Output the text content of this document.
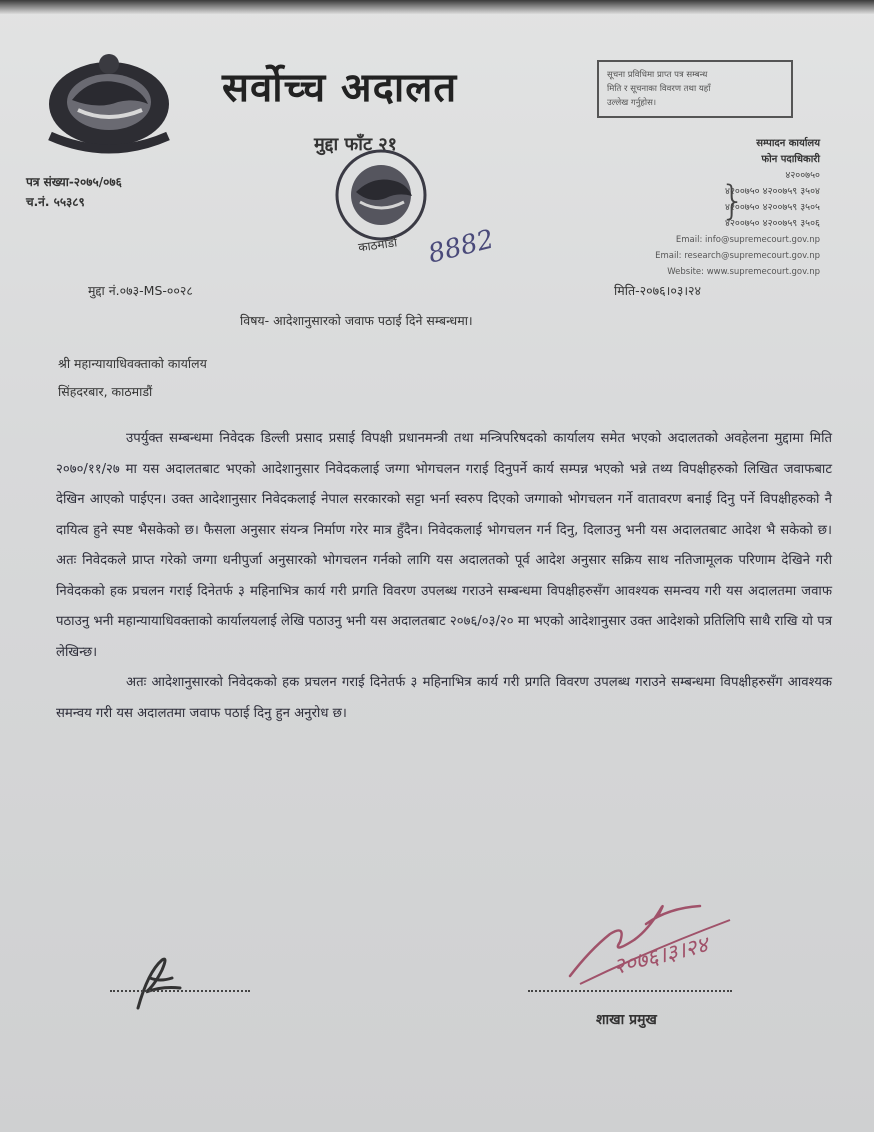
सर्वोच्च अदालत	सूचना प्रविधिमा प्राप्त पत्र सम्बन्ध
मिति र सूचनाका विवरण तथा यहाँ
उल्लेख गर्नुहोस।
पत्र संख्या-२०७५/०७६
च.नं. ५५३८९
मुद्दा फाँट २१
काठमाडौं 8882
सम्पादन कार्यालय
फोन पदाधिकारी
४२००७५०
४२००७५० ४२००७५९ ३५०४
४२००७५० ४२००७५९ ३५०५
४२००७५० ४२००७५९ ३५०६
Email: info@supremecourt.gov.np
Email: research@supremecourt.gov.np
Website: www.supremecourt.gov.np
मुद्दा नं.०७३-MS-००२८	मिति-२०७६।०३।२४
विषय- आदेशानुसारको जवाफ पठाई दिने सम्बन्धमा।
श्री महान्यायाधिवक्ताको कार्यालय
सिंहदरबार, काठमाडौं

उपर्युक्त सम्बन्धमा निवेदक डिल्ली प्रसाद प्रसाई विपक्षी प्रधानमन्त्री तथा मन्त्रिपरिषदको कार्यालय समेत भएको अदालतको अवहेलना मुद्दामा मिति २०७०/११/२७ मा यस अदालतबाट भएको आदेशानुसार निवेदकलाई जग्गा भोगचलन गराई दिनुपर्ने कार्य सम्पन्न भएको भन्ने तथ्य विपक्षीहरुको लिखित जवाफबाट देखिन आएको पाईएन। उक्त आदेशानुसार निवेदकलाई नेपाल सरकारको सट्टा भर्ना स्वरुप दिएको जग्गाको भोगचलन गर्ने वातावरण बनाई दिनु पर्ने विपक्षीहरुको नै दायित्व हुने स्पष्ट भैसकेको छ। फैसला अनुसार संयन्त्र निर्माण गरेर मात्र हुँदैन। निवेदकलाई भोगचलन गर्न दिनु, दिलाउनु भनी यस अदालतबाट आदेश भै सकेको छ। अतः निवेदकले प्राप्त गरेको जग्गा धनीपुर्जा अनुसारको भोगचलन गर्नको लागि यस अदालतको पूर्व आदेश अनुसार सक्रिय साथ नतिजामूलक परिणाम देखिने गरी निवेदकको हक प्रचलन गराई दिनेतर्फ ३ महिनाभित्र कार्य गरी प्रगति विवरण उपलब्ध गराउने सम्बन्धमा विपक्षीहरुसँग आवश्यक समन्वय गरी यस अदालतमा जवाफ पठाउनु भनी महान्यायाधिवक्ताको कार्यालयलाई लेखि पठाउनु भनी यस अदालतबाट २०७६/०३/२० मा भएको आदेशानुसार उक्त आदेशको प्रतिलिपि साथै राखि यो पत्र लेखिन्छ।

अतः आदेशानुसारको निवेदकको हक प्रचलन गराई दिनेतर्फ ३ महिनाभित्र कार्य गरी प्रगति विवरण उपलब्ध गराउने सम्बन्धमा विपक्षीहरुसँग आवश्यक समन्वय गरी यस अदालतमा जवाफ पठाई दिनु हुन अनुरोध छ।

२०७६।३।२४
शाखा प्रमुख
}
